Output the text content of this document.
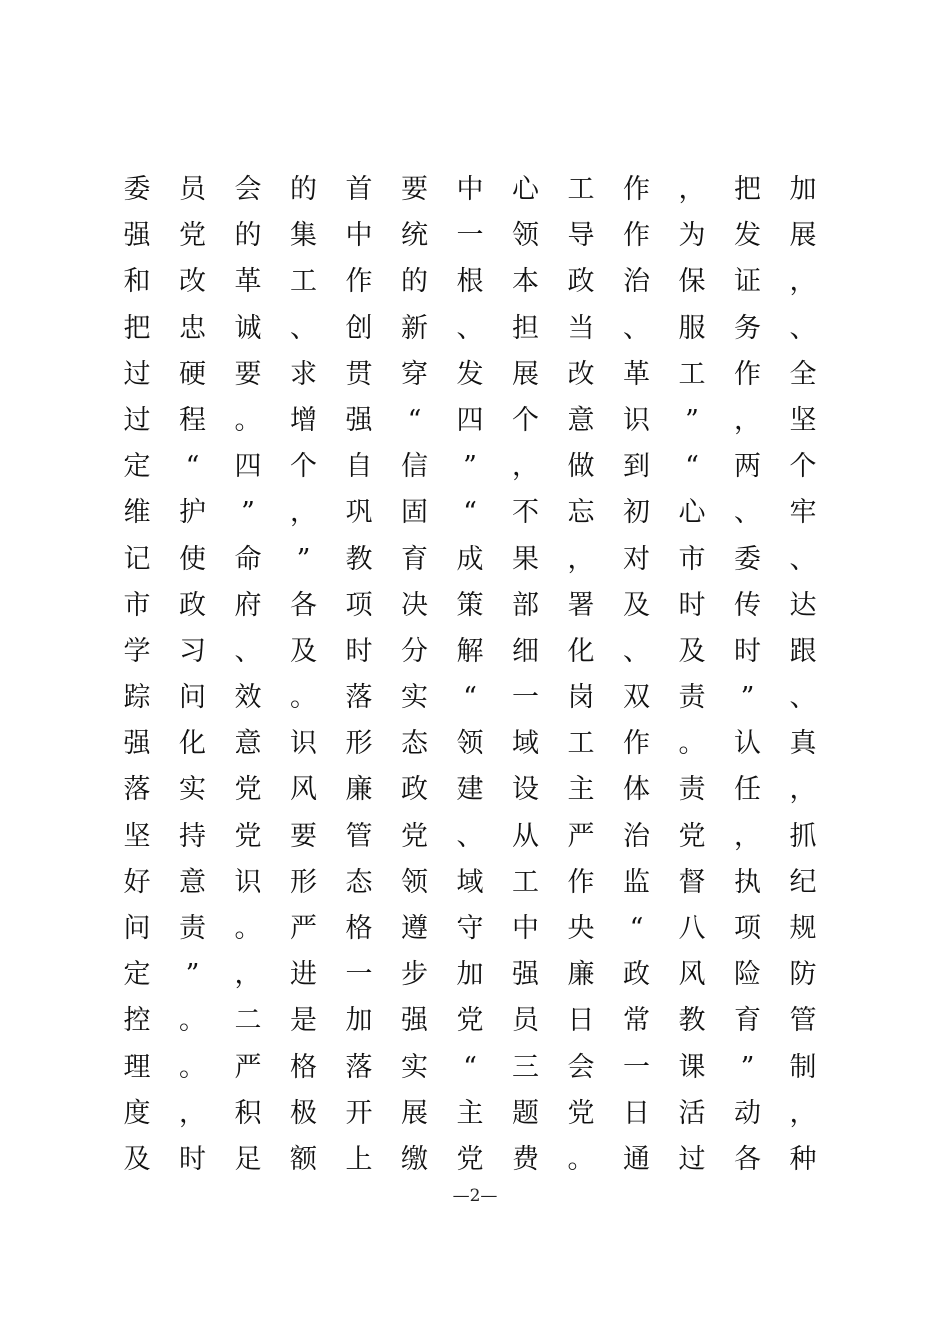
委	员	会	的	首	要	中	心	工	作	，	把	加
强	党	的	集	中	统	一	领	导	作	为	发	展
和	改	革	工	作	的	根	本	政	治	保	证	，
把	忠	诚	、	创	新	、	担	当	、	服	务	、
过	硬	要	求	贯	穿	发	展	改	革	工	作	全
过	程	。	增	强	“	四	个	意	识	”	，	坚
定	“	四	个	自	信	”	，	做	到	“	两	个
维	护	”	，	巩	固	“	不	忘	初	心	、	牢
记	使	命	”	教	育	成	果	，	对	市	委	、
市	政	府	各	项	决	策	部	署	及	时	传	达
学	习	、	及	时	分	解	细	化	、	及	时	跟
踪	问	效	。	落	实	“	一	岗	双	责	”	、
强	化	意	识	形	态	领	域	工	作	。	认	真
落	实	党	风	廉	政	建	设	主	体	责	任	，
坚	持	党	要	管	党	、	从	严	治	党	，	抓
好	意	识	形	态	领	域	工	作	监	督	执	纪
问	责	。	严	格	遵	守	中	央	“	八	项	规
定	”	，	进	一	步	加	强	廉	政	风	险	防
控	。	二	是	加	强	党	员	日	常	教	育	管
理	。	严	格	落	实	“	三	会	一	课	”	制
度	，	积	极	开	展	主	题	党	日	活	动	，
及	时	足	额	上	缴	党	费	。	通	过	各	种
—2—
